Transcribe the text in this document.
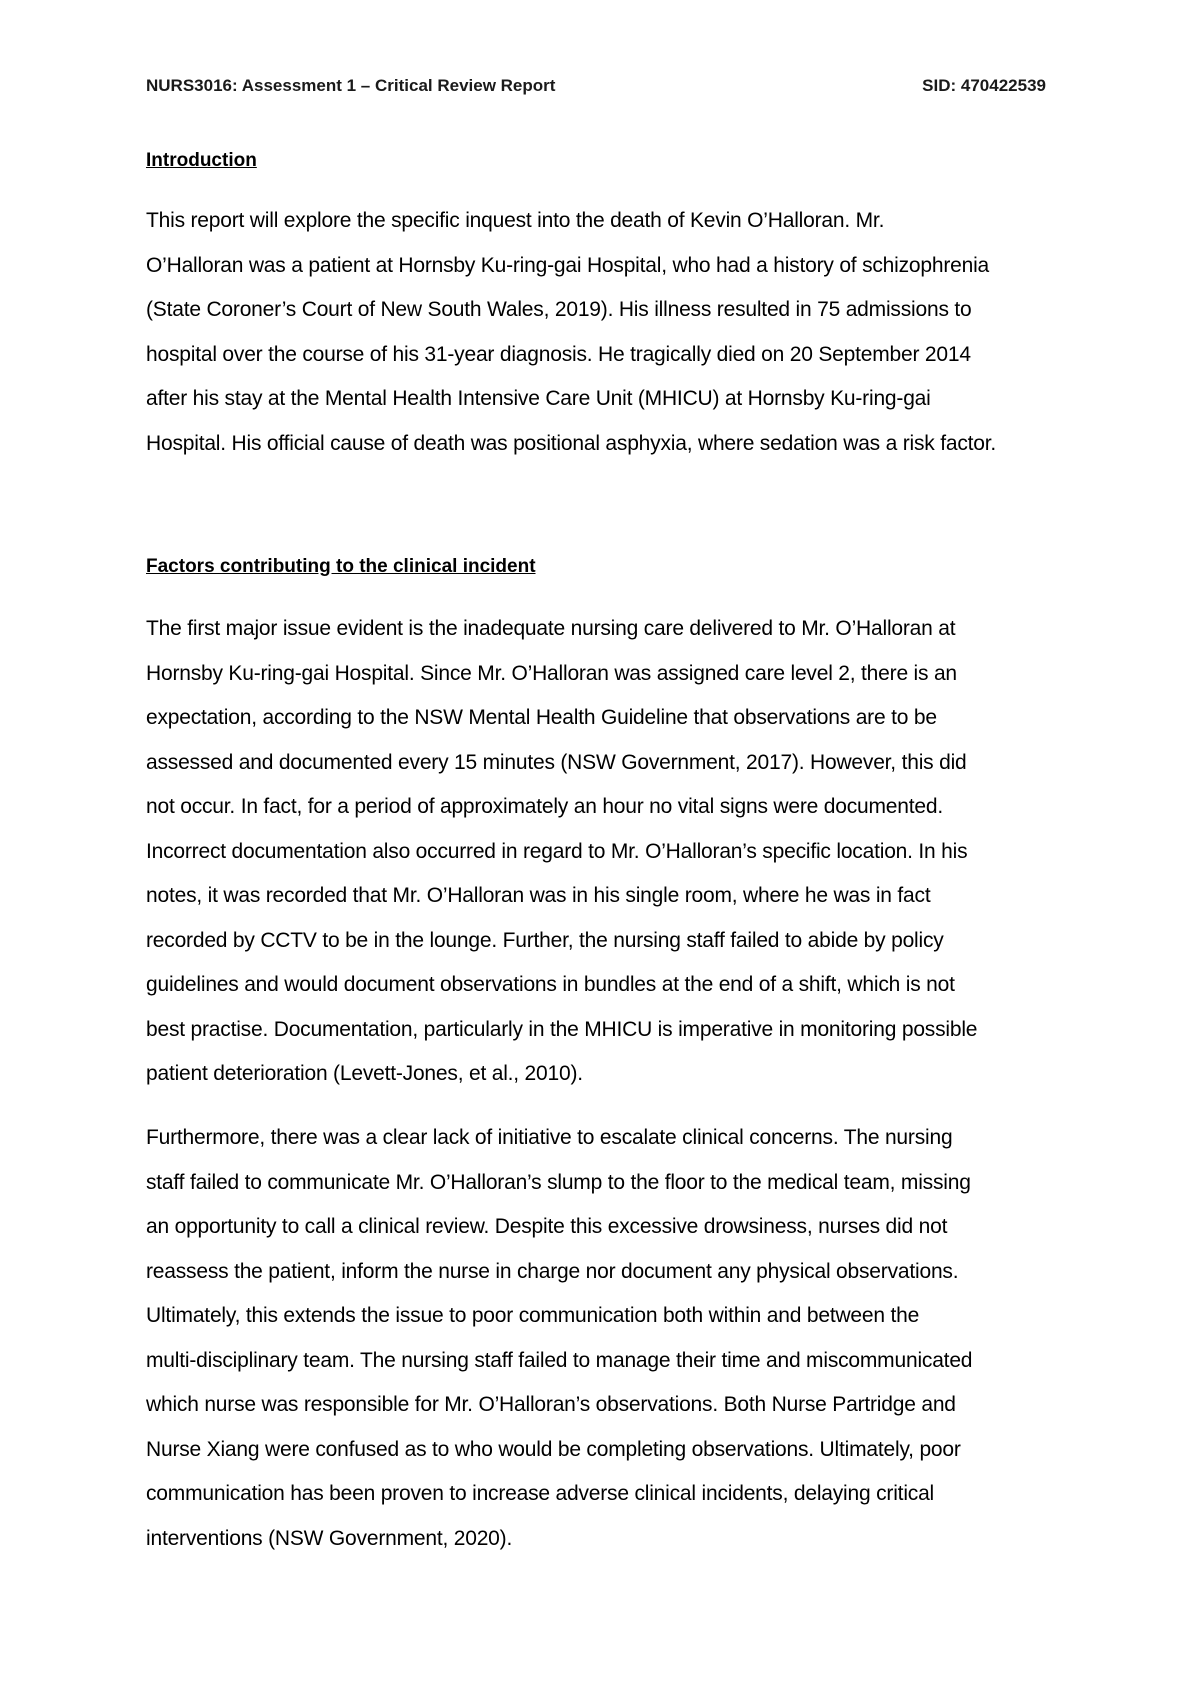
NURS3016: Assessment 1 – Critical Review Report	SID: 470422539
Introduction
This report will explore the specific inquest into the death of Kevin O’Halloran. Mr.
O’Halloran was a patient at Hornsby Ku-ring-gai Hospital, who had a history of schizophrenia
(State Coroner’s Court of New South Wales, 2019). His illness resulted in 75 admissions to
hospital over the course of his 31-year diagnosis. He tragically died on 20 September 2014
after his stay at the Mental Health Intensive Care Unit (MHICU) at Hornsby Ku-ring-gai
Hospital. His official cause of death was positional asphyxia, where sedation was a risk factor.
Factors contributing to the clinical incident
The first major issue evident is the inadequate nursing care delivered to Mr. O’Halloran at
Hornsby Ku-ring-gai Hospital. Since Mr. O’Halloran was assigned care level 2, there is an
expectation, according to the NSW Mental Health Guideline that observations are to be
assessed and documented every 15 minutes (NSW Government, 2017). However, this did
not occur. In fact, for a period of approximately an hour no vital signs were documented.
Incorrect documentation also occurred in regard to Mr. O’Halloran’s specific location. In his
notes, it was recorded that Mr. O’Halloran was in his single room, where he was in fact
recorded by CCTV to be in the lounge. Further, the nursing staff failed to abide by policy
guidelines and would document observations in bundles at the end of a shift, which is not
best practise. Documentation, particularly in the MHICU is imperative in monitoring possible
patient deterioration (Levett-Jones, et al., 2010).
Furthermore, there was a clear lack of initiative to escalate clinical concerns. The nursing
staff failed to communicate Mr. O’Halloran’s slump to the floor to the medical team, missing
an opportunity to call a clinical review. Despite this excessive drowsiness, nurses did not
reassess the patient, inform the nurse in charge nor document any physical observations.
Ultimately, this extends the issue to poor communication both within and between the
multi-disciplinary team. The nursing staff failed to manage their time and miscommunicated
which nurse was responsible for Mr. O’Halloran’s observations. Both Nurse Partridge and
Nurse Xiang were confused as to who would be completing observations. Ultimately, poor
communication has been proven to increase adverse clinical incidents, delaying critical
interventions (NSW Government, 2020).
